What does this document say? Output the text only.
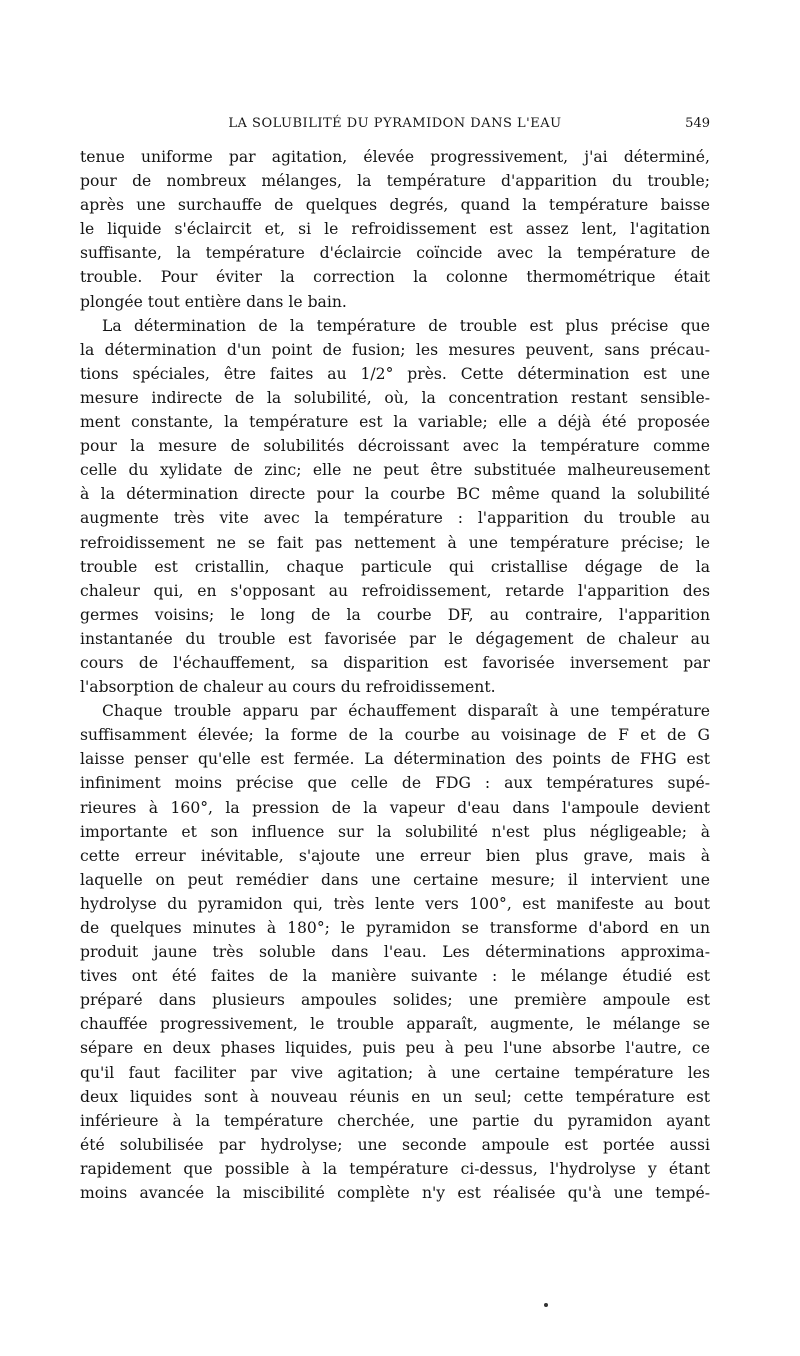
LA SOLUBILITÉ DU PYRAMIDON DANS L'EAU	549
tenue uniforme par agitation, élevée progressivement, j'ai déterminé,
pour de nombreux mélanges, la température d'apparition du trouble;
après une surchauffe de quelques degrés, quand la température baisse
le liquide s'éclaircit et, si le refroidissement est assez lent, l'agitation
suffisante, la température d'éclaircie coïncide avec la température de
trouble. Pour éviter la correction la colonne thermométrique était
plongée tout entière dans le bain.
La détermination de la température de trouble est plus précise que
la détermination d'un point de fusion; les mesures peuvent, sans précau-
tions spéciales, être faites au 1/2° près. Cette détermination est une
mesure indirecte de la solubilité, où, la concentration restant sensible-
ment constante, la température est la variable; elle a déjà été proposée
pour la mesure de solubilités décroissant avec la température comme
celle du xylidate de zinc; elle ne peut être substituée malheureusement
à la détermination directe pour la courbe BC même quand la solubilité
augmente très vite avec la température : l'apparition du trouble au
refroidissement ne se fait pas nettement à une température précise; le
trouble est cristallin, chaque particule qui cristallise dégage de la
chaleur qui, en s'opposant au refroidissement, retarde l'apparition des
germes voisins; le long de la courbe DF, au contraire, l'apparition
instantanée du trouble est favorisée par le dégagement de chaleur au
cours de l'échauffement, sa disparition est favorisée inversement par
l'absorption de chaleur au cours du refroidissement.
Chaque trouble apparu par échauffement disparaît à une température
suffisamment élevée; la forme de la courbe au voisinage de F et de G
laisse penser qu'elle est fermée. La détermination des points de FHG est
infiniment moins précise que celle de FDG : aux températures supé-
rieures à 160°, la pression de la vapeur d'eau dans l'ampoule devient
importante et son influence sur la solubilité n'est plus négligeable; à
cette erreur inévitable, s'ajoute une erreur bien plus grave, mais à
laquelle on peut remédier dans une certaine mesure; il intervient une
hydrolyse du pyramidon qui, très lente vers 100°, est manifeste au bout
de quelques minutes à 180°; le pyramidon se transforme d'abord en un
produit jaune très soluble dans l'eau. Les déterminations approxima-
tives ont été faites de la manière suivante : le mélange étudié est
préparé dans plusieurs ampoules solides; une première ampoule est
chauffée progressivement, le trouble apparaît, augmente, le mélange se
sépare en deux phases liquides, puis peu à peu l'une absorbe l'autre, ce
qu'il faut faciliter par vive agitation; à une certaine température les
deux liquides sont à nouveau réunis en un seul; cette température est
inférieure à la température cherchée, une partie du pyramidon ayant
été solubilisée par hydrolyse; une seconde ampoule est portée aussi
rapidement que possible à la température ci-dessus, l'hydrolyse y étant
moins avancée la miscibilité complète n'y est réalisée qu'à une tempé-
